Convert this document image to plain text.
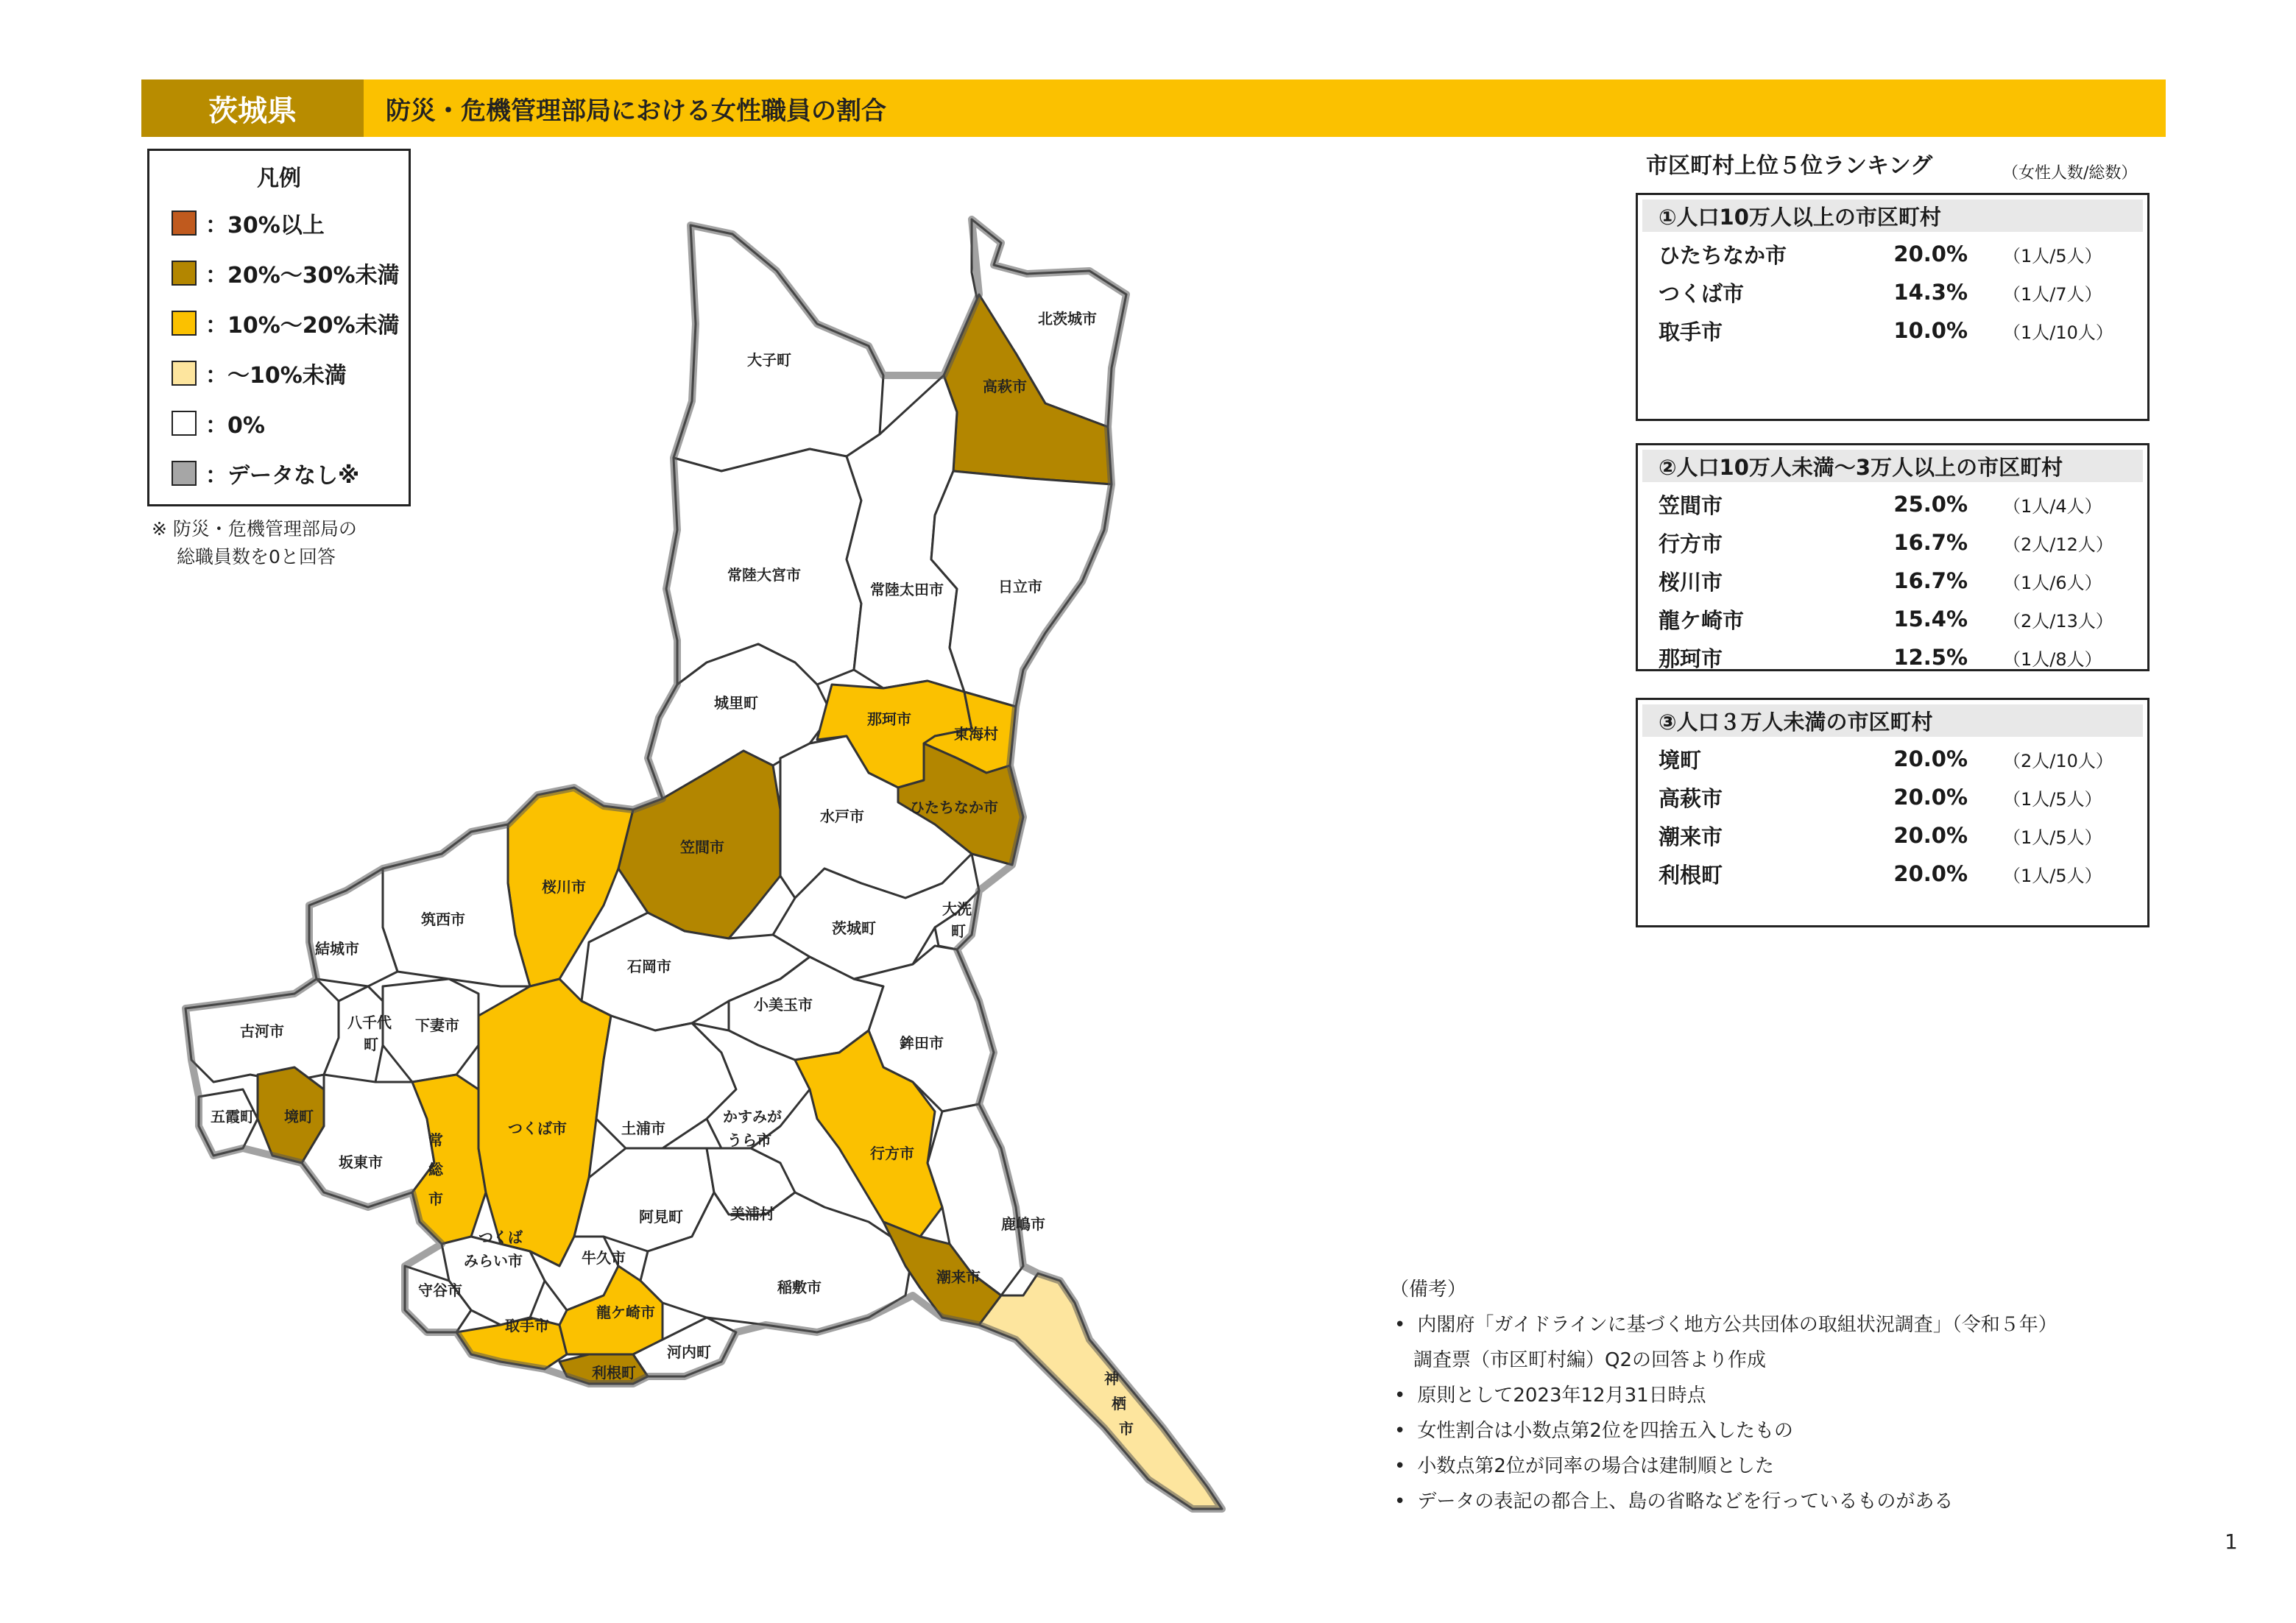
茨城県	防災・危機管理部局における女性職員の割合
北茨城市
高萩市
大子町
常陸大宮市
常陸太田市	日立市
城里町
那珂市
東海村
ひたちなか市
水戸市
笠間市
桜川市
筑西市
結城市
茨城町
大洗
町
石岡市
小美玉市
鉾田市
古河市	八千代
町
下妻市
五霞町 境町
坂東市
常
総
市
つくば市	土浦市
かすみが
うら市
行方市
鹿嶋市
阿見町	美浦村
つくば
みらい市	牛久市
稲敷市
潮来市
守谷市
取手市
龍ケ崎市
河内町
利根町	神
栖
市
凡例
：30%以上
：20%～30%未満
：10%～20%未満
：～10%未満
：0%
：データなし※
※ 防災・危機管理部局の
総職員数を0と回答
市区町村上位５位ランキング	（女性人数/総数）
①人口10万人以上の市区町村
ひたちなか市	20.0% （1人/5人）
つくば市	14.3% （1人/7人）
取手市	10.0% （1人/10人）
②人口10万人未満～3万人以上の市区町村
笠間市	25.0% （1人/4人）
行方市	16.7% （2人/12人）
桜川市	16.7% （1人/6人）
龍ケ崎市	15.4% （2人/13人）
那珂市	12.5% （1人/8人）
③人口３万人未満の市区町村
境町	20.0% （2人/10人）
高萩市	20.0% （1人/5人）
潮来市	20.0% （1人/5人）
利根町	20.0% （1人/5人）
（備考）
• 内閣府「ガイドラインに基づく地方公共団体の取組状況調査」（令和５年）
調査票（市区町村編）Q2の回答より作成
• 原則として2023年12月31日時点
• 女性割合は小数点第2位を四捨五入したもの
• 小数点第2位が同率の場合は建制順とした
• データの表記の都合上、島の省略などを行っているものがある
1
